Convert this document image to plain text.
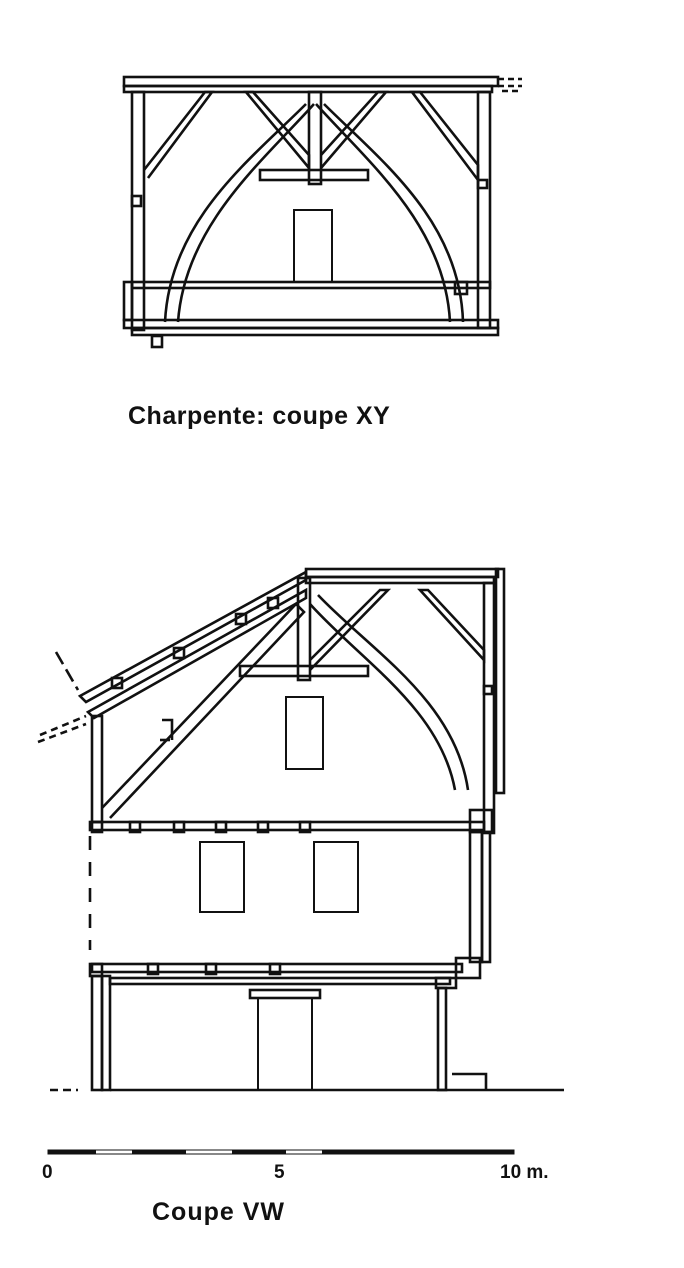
Charpente: coupe XY
0	5	10 m.
Coupe VW
